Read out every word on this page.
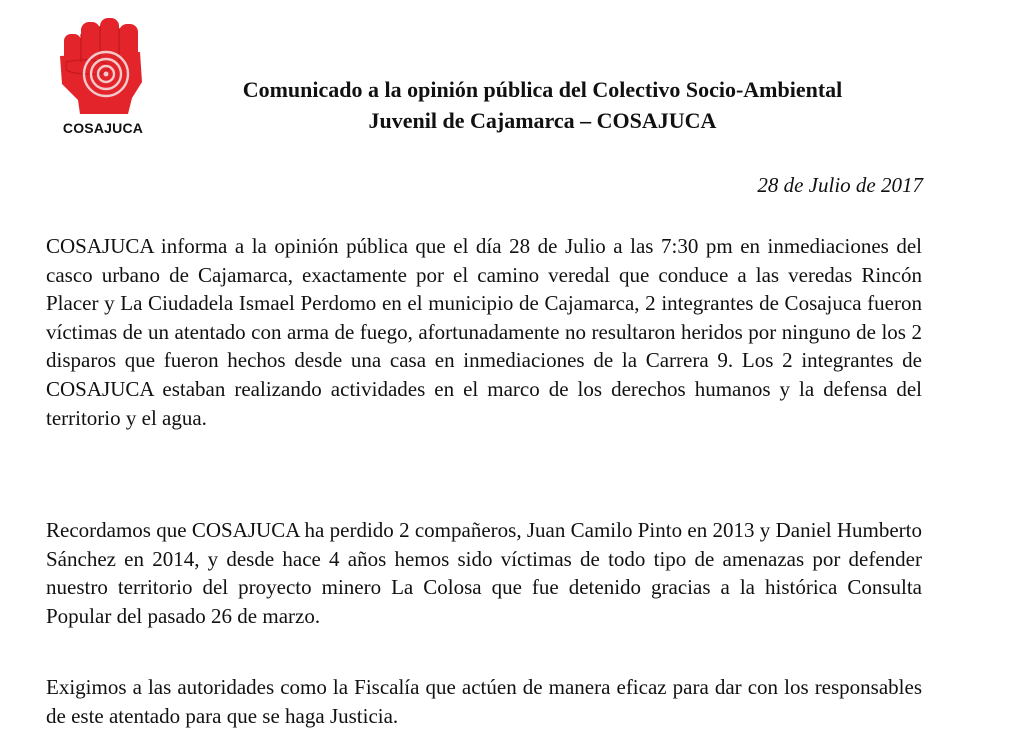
COSAJUCA
Comunicado a la opinión pública del Colectivo Socio-Ambiental
Juvenil de Cajamarca – COSAJUCA
28 de Julio de 2017

COSAJUCA informa a la opinión pública que el día 28 de Julio a las 7:30 pm en inmediaciones del casco urbano de Cajamarca, exactamente por el camino veredal que conduce a las veredas Rincón Placer y La Ciudadela Ismael Perdomo en el municipio de Cajamarca, 2 integrantes de Cosajuca fueron víctimas de un atentado con arma de fuego, afortunadamente no resultaron heridos por ninguno de los 2 disparos que fueron hechos desde una casa en inmediaciones de la Carrera 9. Los 2 integrantes de COSAJUCA estaban realizando actividades en el marco de los derechos humanos y la defensa del territorio y el agua.

Recordamos que COSAJUCA ha perdido 2 compañeros, Juan Camilo Pinto en 2013 y Daniel Humberto Sánchez en 2014, y desde hace 4 años hemos sido víctimas de todo tipo de amenazas por defender nuestro territorio del proyecto minero La Colosa que fue detenido gracias a la histórica Consulta Popular del pasado 26 de marzo.

Exigimos a las autoridades como la Fiscalía que actúen de manera eficaz para dar con los responsables de este atentado para que se haga Justicia.
